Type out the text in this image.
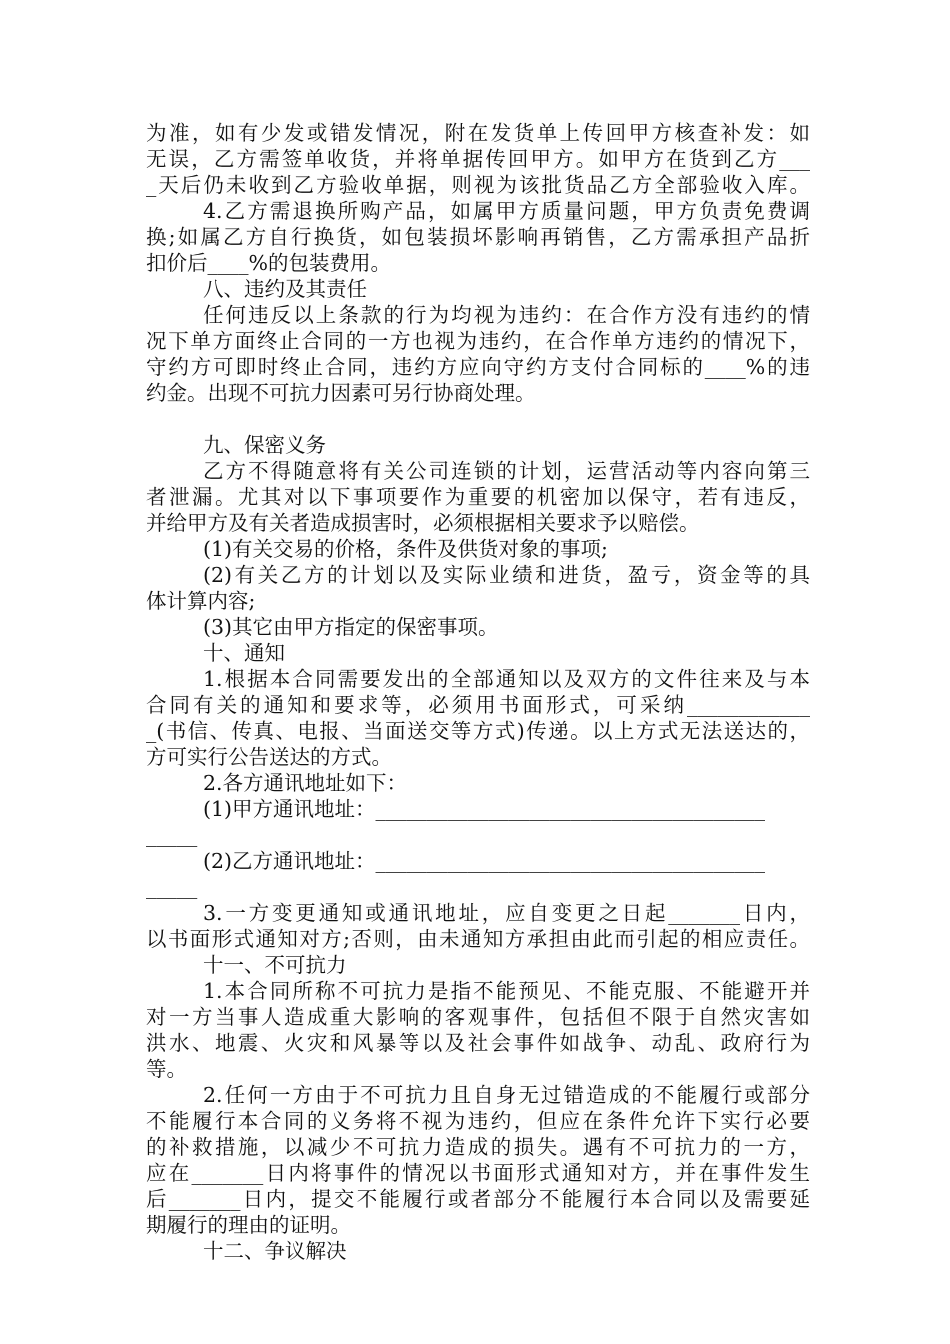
为准，如有少发或错发情况，附在发货单上传回甲方核查补发：如
无误，乙方需签单收货，并将单据传回甲方。如甲方在货到乙方___
_天后仍未收到乙方验收单据，则视为该批货品乙方全部验收入库。
4.乙方需退换所购产品，如属甲方质量问题，甲方负责免费调
换;如属乙方自行换货，如包装损坏影响再销售，乙方需承担产品折
扣价后____%的包装费用。
八、违约及其责任
任何违反以上条款的行为均视为违约：在合作方没有违约的情
况下单方面终止合同的一方也视为违约，在合作单方违约的情况下，
守约方可即时终止合同，违约方应向守约方支付合同标的____%的违
约金。出现不可抗力因素可另行协商处理。
九、保密义务
乙方不得随意将有关公司连锁的计划，运营活动等内容向第三
者泄漏。尤其对以下事项要作为重要的机密加以保守，若有违反，
并给甲方及有关者造成损害时，必须根据相关要求予以赔偿。
(1)有关交易的价格，条件及供货对象的事项;
(2)有关乙方的计划以及实际业绩和进货，盈亏，资金等的具
体计算内容;
(3)其它由甲方指定的保密事项。
十、通知
1.根据本合同需要发出的全部通知以及双方的文件往来及与本
合同有关的通知和要求等，必须用书面形式，可采纳____________
_(书信、传真、电报、当面送交等方式)传递。以上方式无法送达的，
方可实行公告送达的方式。
2.各方通讯地址如下：
(1)甲方通讯地址：______________________________________
_____
(2)乙方通讯地址：______________________________________
_____
3.一方变更通知或通讯地址，应自变更之日起_______日内，
以书面形式通知对方;否则，由未通知方承担由此而引起的相应责任。
十一、不可抗力
1.本合同所称不可抗力是指不能预见、不能克服、不能避开并
对一方当事人造成重大影响的客观事件，包括但不限于自然灾害如
洪水、地震、火灾和风暴等以及社会事件如战争、动乱、政府行为
等。
2.任何一方由于不可抗力且自身无过错造成的不能履行或部分
不能履行本合同的义务将不视为违约，但应在条件允许下实行必要
的补救措施，以减少不可抗力造成的损失。遇有不可抗力的一方，
应在_______日内将事件的情况以书面形式通知对方，并在事件发生
后_______日内，提交不能履行或者部分不能履行本合同以及需要延
期履行的理由的证明。
十二、争议解决
